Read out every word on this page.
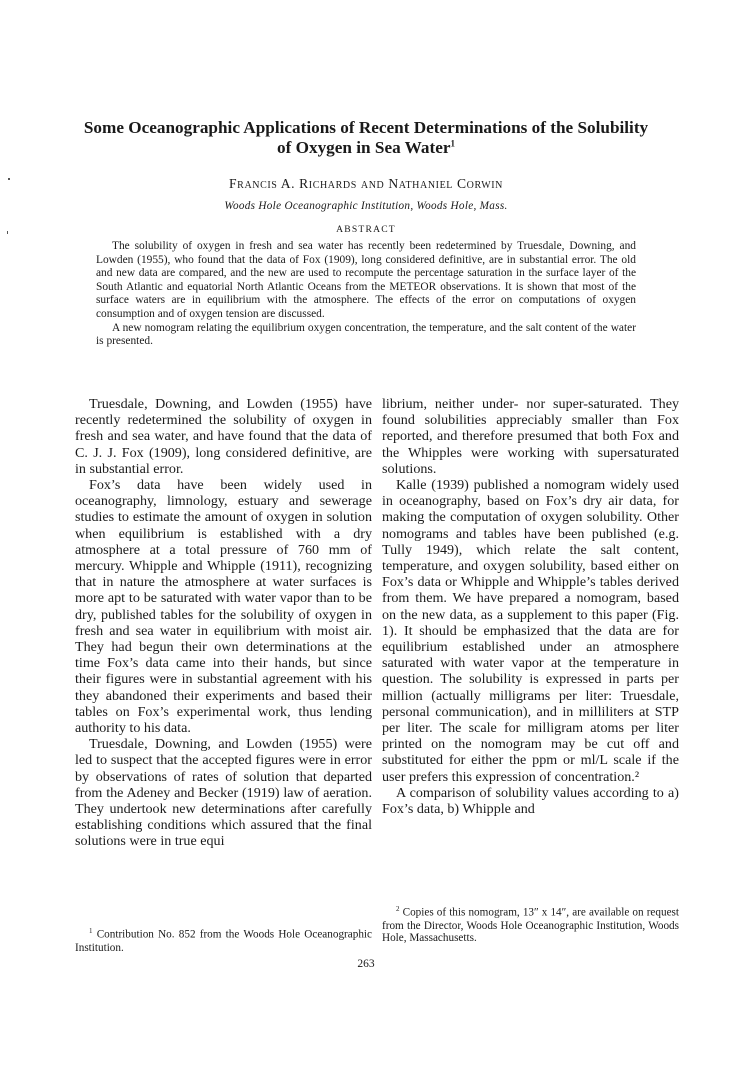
Some Oceanographic Applications of Recent Determinations of the Solubility
of Oxygen in Sea Water$^1$
Francis A. Richards and Nathaniel Corwin
Woods Hole Oceanographic Institution, Woods Hole, Mass.
ABSTRACT

The solubility of oxygen in fresh and sea water has recently been redetermined by Truesdale, Downing, and Lowden (1955), who found that the data of Fox (1909), long considered definitive, are in substantial error. The old and new data are compared, and the new are used to recompute the percentage saturation in the surface layer of the South Atlantic and equatorial North Atlantic Oceans from the METEOR observations. It is shown that most of the surface waters are in equilibrium with the atmosphere. The effects of the error on computations of oxygen consumption and of oxygen tension are discussed.

A new nomogram relating the equilibrium oxygen concentration, the temperature, and the salt content of the water is presented.

Truesdale, Downing, and Lowden (1955) have recently redetermined the solubility of oxygen in fresh and sea water, and have found that the data of C. J. J. Fox (1909), long considered definitive, are in substantial error.

Fox’s data have been widely used in oceanography, limnology, estuary and sewerage studies to estimate the amount of oxygen in solution when equilibrium is established with a dry atmosphere at a total pressure of 760 mm of mercury. Whipple and Whipple (1911), recognizing that in nature the atmosphere at water surfaces is more apt to be saturated with water vapor than to be dry, published tables for the solubility of oxygen in fresh and sea water in equilibrium with moist air. They had begun their own determinations at the time Fox’s data came into their hands, but since their figures were in substantial agreement with his they abandoned their experiments and based their tables on Fox’s experimental work, thus lending authority to his data.

Truesdale, Downing, and Lowden (1955) were led to suspect that the accepted figures were in error by observations of rates of solution that departed from the Adeney and Becker (1919) law of aeration. They undertook new determinations after carefully establishing conditions which assured that the final solutions were in true equi

librium, neither under- nor super-saturated. They found solubilities appreciably smaller than Fox reported, and therefore presumed that both Fox and the Whipples were working with supersaturated solutions.

Kalle (1939) published a nomogram widely used in oceanography, based on Fox’s dry air data, for making the computation of oxygen solubility. Other nomograms and tables have been published (e.g. Tully 1949), which relate the salt content, temperature, and oxygen solubility, based either on Fox’s data or Whipple and Whipple’s tables derived from them. We have prepared a nomogram, based on the new data, as a supplement to this paper (Fig. 1). It should be emphasized that the data are for equilibrium established under an atmosphere saturated with water vapor at the temperature in question. The solubility is expressed in parts per million (actually milligrams per liter: Truesdale, personal communication), and in milliliters at STP per liter. The scale for milligram atoms per liter printed on the nomogram may be cut off and substituted for either the ppm or ml/L scale if the user prefers this expression of concentration.²

A comparison of solubility values according to a) Fox’s data, b) Whipple and

$^1$ Contribution No. 852 from the Woods Hole Oceanographic Institution.

$^2$ Copies of this nomogram, 13″ x 14″, are available on request from the Director, Woods Hole Oceanographic Institution, Woods Hole, Massachusetts.

263
